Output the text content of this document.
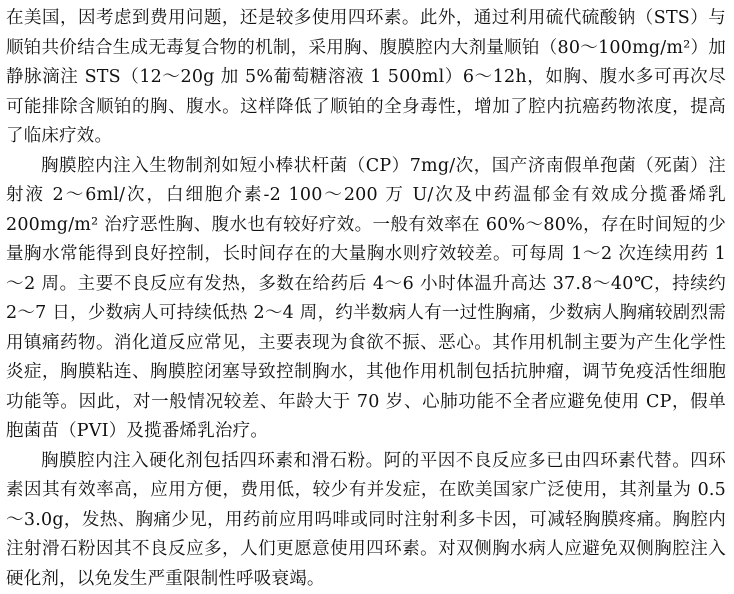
在美国，因考虑到费用问题，还是较多使用四环素。此外，通过利用硫代硫酸钠（STS）与顺铂共价结合生成无毒复合物的机制，采用胸、腹膜腔内大剂量顺铂（80～100mg/m²）加静脉滴注 STS（12～20g 加 5%葡萄糖溶液 1 500ml）6～12h，如胸、腹水多可再次尽可能排除含顺铂的胸、腹水。这样降低了顺铂的全身毒性，增加了腔内抗癌药物浓度，提高了临床疗效。

胸膜腔内注入生物制剂如短小棒状杆菌（CP）7mg/次，国产济南假单孢菌（死菌）注射液 2～6ml/次，白细胞介素-2 100～200 万 U/次及中药温郁金有效成分揽番烯乳 200mg/m² 治疗恶性胸、腹水也有较好疗效。一般有效率在 60%～80%，存在时间短的少量胸水常能得到良好控制，长时间存在的大量胸水则疗效较差。可每周 1～2 次连续用药 1～2 周。主要不良反应有发热，多数在给药后 4～6 小时体温升高达 37.8～40℃，持续约 2～7 日，少数病人可持续低热 2～4 周，约半数病人有一过性胸痛，少数病人胸痛较剧烈需用镇痛药物。消化道反应常见，主要表现为食欲不振、恶心。其作用机制主要为产生化学性炎症，胸膜粘连、胸膜腔闭塞导致控制胸水，其他作用机制包括抗肿瘤，调节免疫活性细胞功能等。因此，对一般情况较差、年龄大于 70 岁、心肺功能不全者应避免使用 CP，假单胞菌苗（PVI）及揽番烯乳治疗。

胸膜腔内注入硬化剂包括四环素和滑石粉。阿的平因不良反应多已由四环素代替。四环素因其有效率高，应用方便，费用低，较少有并发症，在欧美国家广泛使用，其剂量为 0.5～3.0g，发热、胸痛少见，用药前应用吗啡或同时注射利多卡因，可减轻胸膜疼痛。胸腔内注射滑石粉因其不良反应多，人们更愿意使用四环素。对双侧胸水病人应避免双侧胸腔注入硬化剂，以免发生严重限制性呼吸衰竭。
